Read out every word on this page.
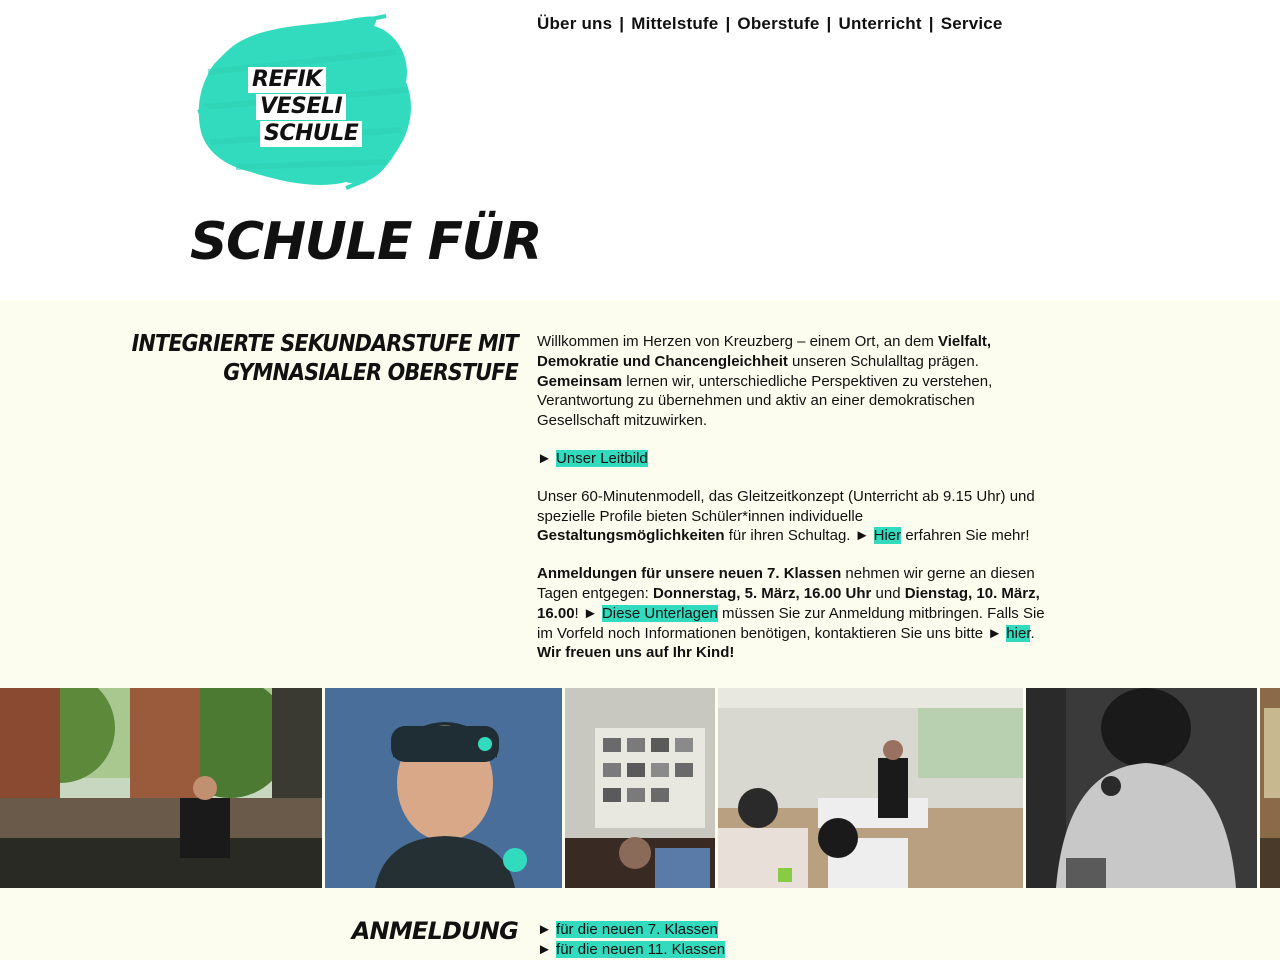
REFIK
VESELI
SCHULE
Über uns | Mittelstufe | Oberstufe | Unterricht | Service
SCHULE FÜR
INTEGRIERTE SEKUNDARSTUFE MIT
GYMNASIALER OBERSTUFE

Willkommen im Herzen von Kreuzberg – einem Ort, an dem Vielfalt, Demokratie und Chancengleichheit unseren Schulalltag prägen. Gemeinsam lernen wir, unterschiedliche Perspektiven zu verstehen, Verantwortung zu übernehmen und aktiv an einer demokratischen Gesellschaft mitzuwirken.

► Unser Leitbild

Unser 60-Minutenmodell, das Gleitzeitkonzept (Unterricht ab 9.15 Uhr) und spezielle Profile bieten Schüler*innen individuelle Gestaltungsmöglichkeiten für ihren Schultag. ► Hier erfahren Sie mehr!

Anmeldungen für unsere neuen 7. Klassen nehmen wir gerne an diesen Tagen entgegen: Donnerstag, 5. März, 16.00 Uhr und Dienstag, 10. März, 16.00! ► Diese Unterlagen müssen Sie zur Anmeldung mitbringen. Falls Sie im Vorfeld noch Informationen benötigen, kontaktieren Sie uns bitte ► hier. Wir freuen uns auf Ihr Kind!

ANMELDUNG ► für die neuen 7. Klassen
► für die neuen 11. Klassen
